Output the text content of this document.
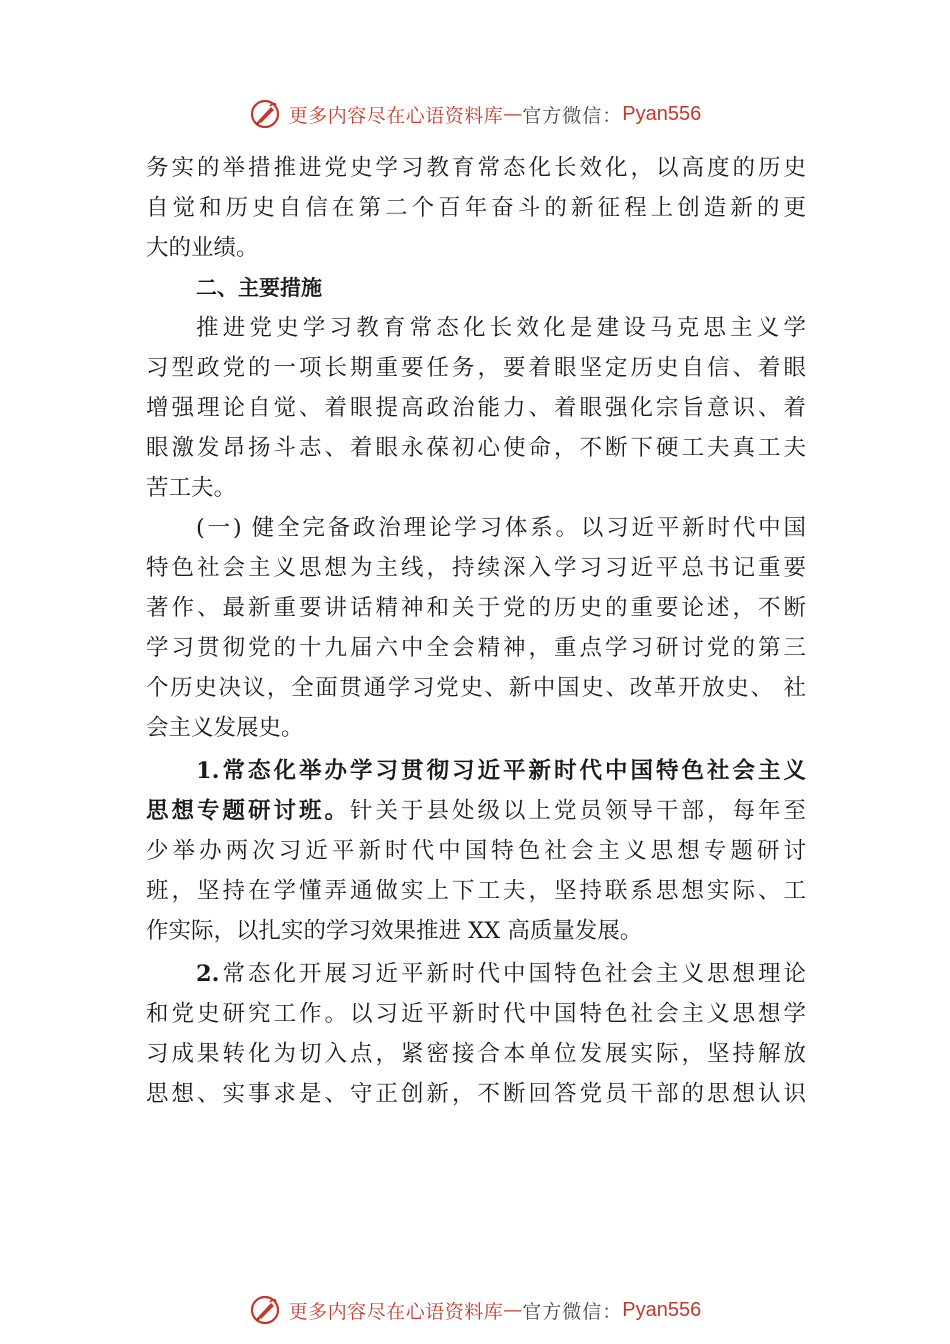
更多内容尽在心语资料库 — 官方微信： Pyan556
务实的举措推进党史学习教育常态化长效化，以高度的历史
自觉和历史自信在第二个百年奋斗的新征程上创造新的更
大的业绩。
二、主要措施
推进党史学习教育常态化长效化是建设马克思主义学
习型政党的一项长期重要任务，要着眼坚定历史自信、着眼
增强理论自觉、着眼提高政治能力、着眼强化宗旨意识、着
眼激发昂扬斗志、着眼永葆初心使命，不断下硬工夫真工夫
苦工夫。
(一) 健全完备政治理论学习体系。以习近平新时代中国
特色社会主义思想为主线，持续深入学习习近平总书记重要
著作、最新重要讲话精神和关于党的历史的重要论述，不断
学习贯彻党的十九届六中全会精神，重点学习研讨党的第三
个历史决议，全面贯通学习党史、新中国史、改革开放史、 社
会主义发展史。
1.常态化举办学习贯彻习近平新时代中国特色社会主义
思想专题研讨班。针关于县处级以上党员领导干部，每年至
少举办两次习近平新时代中国特色社会主义思想专题研讨
班，坚持在学懂弄通做实上下工夫，坚持联系思想实际、工
作实际，以扎实的学习效果推进 XX 高质量发展。
2.常态化开展习近平新时代中国特色社会主义思想理论
和党史研究工作。以习近平新时代中国特色社会主义思想学
习成果转化为切入点，紧密接合本单位发展实际，坚持解放
思想、实事求是、守正创新，不断回答党员干部的思想认识
更多内容尽在心语资料库 — 官方微信： Pyan556
